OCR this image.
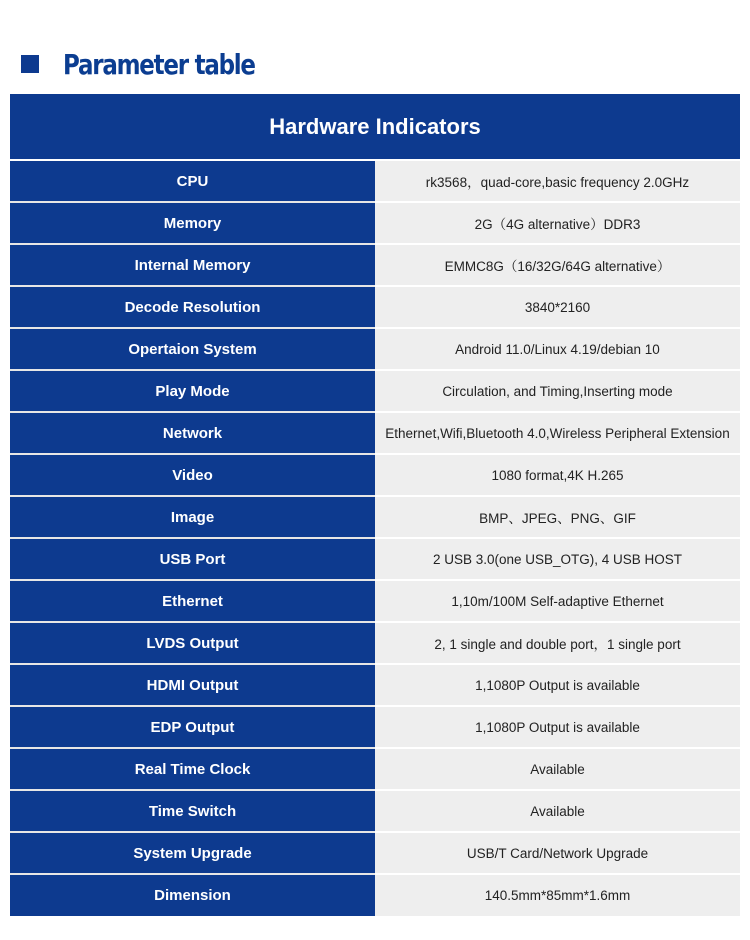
Parameter table
Hardware Indicators	
CPU	rk3568，quad-core,basic frequency 2.0GHz
Memory	2G（4G alternative）DDR3
Internal Memory	EMMC8G（16/32G/64G alternative）
Decode Resolution	3840*2160
Opertaion System	Android 11.0/Linux 4.19/debian 10
Play Mode	Circulation, and Timing,Inserting mode
Network	Ethernet,Wifi,Bluetooth 4.0,Wireless Peripheral Extension
Video	1080 format,4K H.265
Image	BMP、JPEG、PNG、GIF
USB Port	2 USB 3.0(one USB_OTG), 4 USB HOST
Ethernet	1,10m/100M Self-adaptive Ethernet
LVDS Output	2, 1 single and double port，1 single port
HDMI Output	1,1080P Output is available
EDP Output	1,1080P Output is available
Real Time Clock	Available
Time Switch	Available
System Upgrade	USB/T Card/Network Upgrade
Dimension	140.5mm*85mm*1.6mm
